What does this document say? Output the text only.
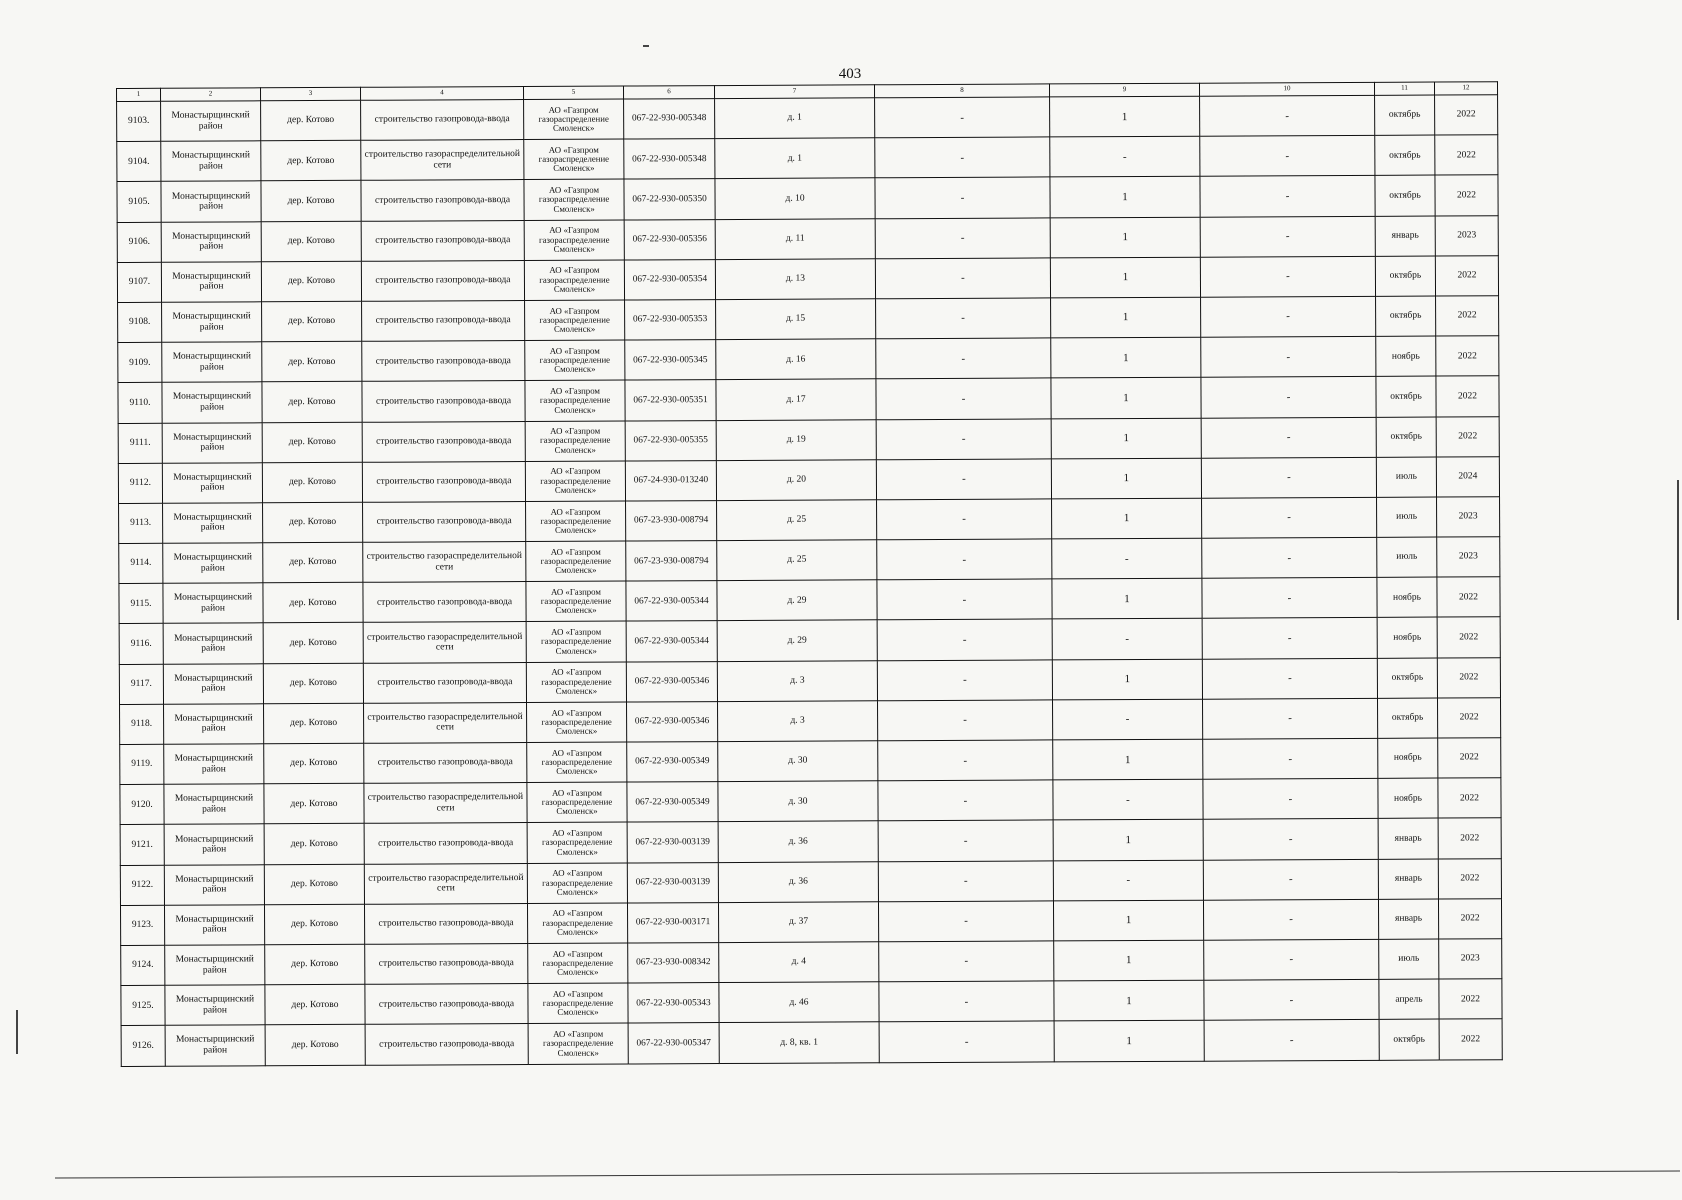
403
1	2	3	4	5	6	7	8	9	10	11	12
9103.	Монастырщинский район	дер. Котово	строительство газопровода-ввода	АО «Газпром газораспределение Смоленск»	067-22-930-005348	д. 1	-	1	-	октябрь	2022
9104.	Монастырщинский район	дер. Котово	строительство газораспределительной сети	АО «Газпром газораспределение Смоленск»	067-22-930-005348	д. 1	-	-	-	октябрь	2022
9105.	Монастырщинский район	дер. Котово	строительство газопровода-ввода	АО «Газпром газораспределение Смоленск»	067-22-930-005350	д. 10	-	1	-	октябрь	2022
9106.	Монастырщинский район	дер. Котово	строительство газопровода-ввода	АО «Газпром газораспределение Смоленск»	067-22-930-005356	д. 11	-	1	-	январь	2023
9107.	Монастырщинский район	дер. Котово	строительство газопровода-ввода	АО «Газпром газораспределение Смоленск»	067-22-930-005354	д. 13	-	1	-	октябрь	2022
9108.	Монастырщинский район	дер. Котово	строительство газопровода-ввода	АО «Газпром газораспределение Смоленск»	067-22-930-005353	д. 15	-	1	-	октябрь	2022
9109.	Монастырщинский район	дер. Котово	строительство газопровода-ввода	АО «Газпром газораспределение Смоленск»	067-22-930-005345	д. 16	-	1	-	ноябрь	2022
9110.	Монастырщинский район	дер. Котово	строительство газопровода-ввода	АО «Газпром газораспределение Смоленск»	067-22-930-005351	д. 17	-	1	-	октябрь	2022
9111.	Монастырщинский район	дер. Котово	строительство газопровода-ввода	АО «Газпром газораспределение Смоленск»	067-22-930-005355	д. 19	-	1	-	октябрь	2022
9112.	Монастырщинский район	дер. Котово	строительство газопровода-ввода	АО «Газпром газораспределение Смоленск»	067-24-930-013240	д. 20	-	1	-	июль	2024
9113.	Монастырщинский район	дер. Котово	строительство газопровода-ввода	АО «Газпром газораспределение Смоленск»	067-23-930-008794	д. 25	-	1	-	июль	2023
9114.	Монастырщинский район	дер. Котово	строительство газораспределительной сети	АО «Газпром газораспределение Смоленск»	067-23-930-008794	д. 25	-	-	-	июль	2023
9115.	Монастырщинский район	дер. Котово	строительство газопровода-ввода	АО «Газпром газораспределение Смоленск»	067-22-930-005344	д. 29	-	1	-	ноябрь	2022
9116.	Монастырщинский район	дер. Котово	строительство газораспределительной сети	АО «Газпром газораспределение Смоленск»	067-22-930-005344	д. 29	-	-	-	ноябрь	2022
9117.	Монастырщинский район	дер. Котово	строительство газопровода-ввода	АО «Газпром газораспределение Смоленск»	067-22-930-005346	д. 3	-	1	-	октябрь	2022
9118.	Монастырщинский район	дер. Котово	строительство газораспределительной сети	АО «Газпром газораспределение Смоленск»	067-22-930-005346	д. 3	-	-	-	октябрь	2022
9119.	Монастырщинский район	дер. Котово	строительство газопровода-ввода	АО «Газпром газораспределение Смоленск»	067-22-930-005349	д. 30	-	1	-	ноябрь	2022
9120.	Монастырщинский район	дер. Котово	строительство газораспределительной сети	АО «Газпром газораспределение Смоленск»	067-22-930-005349	д. 30	-	-	-	ноябрь	2022
9121.	Монастырщинский район	дер. Котово	строительство газопровода-ввода	АО «Газпром газораспределение Смоленск»	067-22-930-003139	д. 36	-	1	-	январь	2022
9122.	Монастырщинский район	дер. Котово	строительство газораспределительной сети	АО «Газпром газораспределение Смоленск»	067-22-930-003139	д. 36	-	-	-	январь	2022
9123.	Монастырщинский район	дер. Котово	строительство газопровода-ввода	АО «Газпром газораспределение Смоленск»	067-22-930-003171	д. 37	-	1	-	январь	2022
9124.	Монастырщинский район	дер. Котово	строительство газопровода-ввода	АО «Газпром газораспределение Смоленск»	067-23-930-008342	д. 4	-	1	-	июль	2023
9125.	Монастырщинский район	дер. Котово	строительство газопровода-ввода	АО «Газпром газораспределение Смоленск»	067-22-930-005343	д. 46	-	1	-	апрель	2022
9126.	Монастырщинский район	дер. Котово	строительство газопровода-ввода	АО «Газпром газораспределение Смоленск»	067-22-930-005347	д. 8, кв. 1	-	1	-	октябрь	2022
